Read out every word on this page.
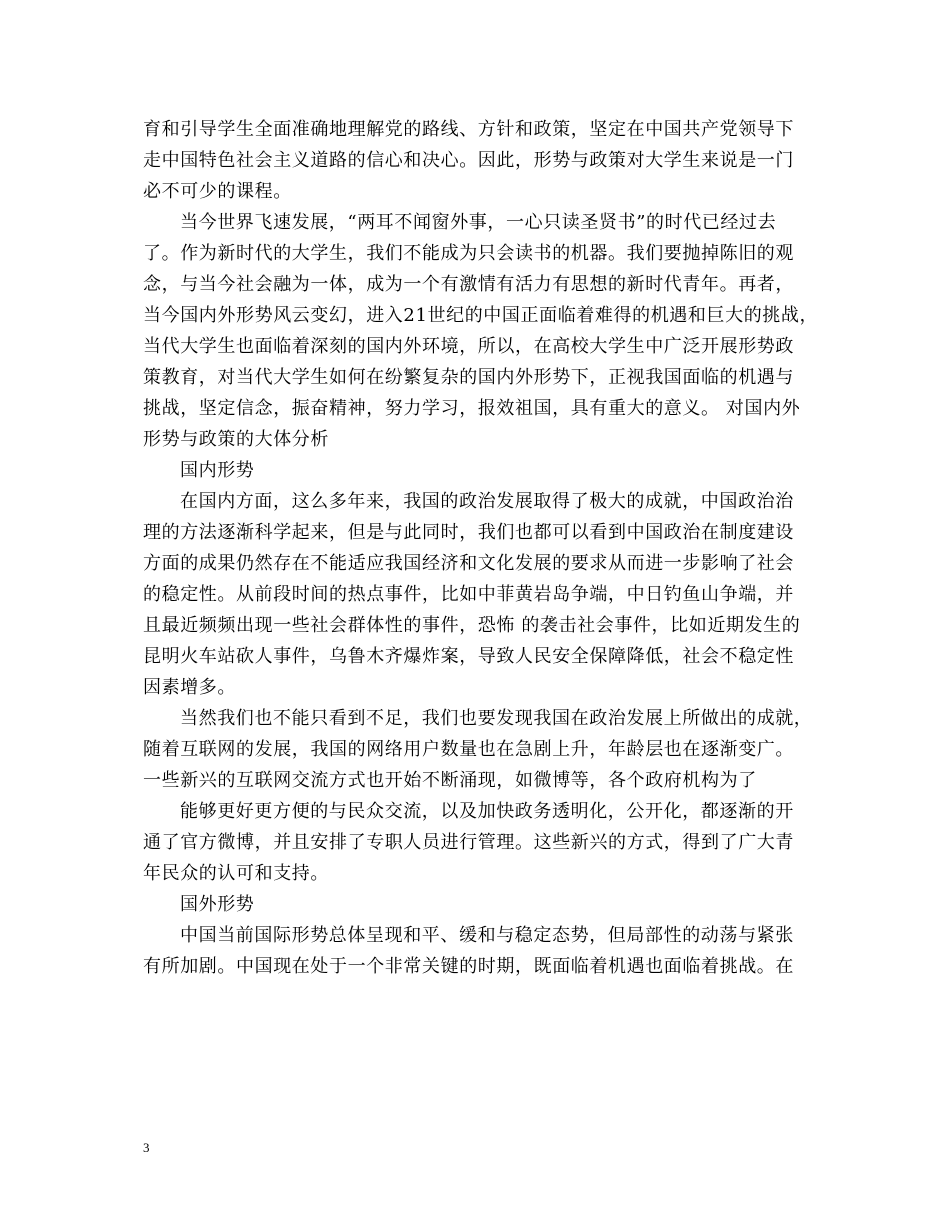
育和引导学生全面准确地理解党的路线、方针和政策，坚定在中国共产党领导下
走中国特色社会主义道路的信心和决心。因此，形势与政策对大学生来说是一门
必不可少的课程。
当今世界飞速发展，“两耳不闻窗外事，一心只读圣贤书”的时代已经过去
了。作为新时代的大学生，我们不能成为只会读书的机器。我们要抛掉陈旧的观
念，与当今社会融为一体，成为一个有激情有活力有思想的新时代青年。再者，
当今国内外形势风云变幻，进入21世纪的中国正面临着难得的机遇和巨大的挑战，
当代大学生也面临着深刻的国内外环境，所以，在高校大学生中广泛开展形势政
策教育，对当代大学生如何在纷繁复杂的国内外形势下，正视我国面临的机遇与
挑战，坚定信念，振奋精神，努力学习，报效祖国，具有重大的意义。 对国内外
形势与政策的大体分析
国内形势
在国内方面，这么多年来，我国的政治发展取得了极大的成就，中国政治治
理的方法逐渐科学起来，但是与此同时，我们也都可以看到中国政治在制度建设
方面的成果仍然存在不能适应我国经济和文化发展的要求从而进一步影响了社会
的稳定性。从前段时间的热点事件，比如中菲黄岩岛争端，中日钓鱼山争端，并
且最近频频出现一些社会群体性的事件，恐怖 的袭击社会事件，比如近期发生的
昆明火车站砍人事件，乌鲁木齐爆炸案，导致人民安全保障降低，社会不稳定性
因素增多。
当然我们也不能只看到不足，我们也要发现我国在政治发展上所做出的成就，
随着互联网的发展，我国的网络用户数量也在急剧上升，年龄层也在逐渐变广。
一些新兴的互联网交流方式也开始不断涌现，如微博等，各个政府机构为了
能够更好更方便的与民众交流，以及加快政务透明化，公开化，都逐渐的开
通了官方微博，并且安排了专职人员进行管理。这些新兴的方式，得到了广大青
年民众的认可和支持。
国外形势
中国当前国际形势总体呈现和平、缓和与稳定态势，但局部性的动荡与紧张
有所加剧。中国现在处于一个非常关键的时期，既面临着机遇也面临着挑战。在
3
